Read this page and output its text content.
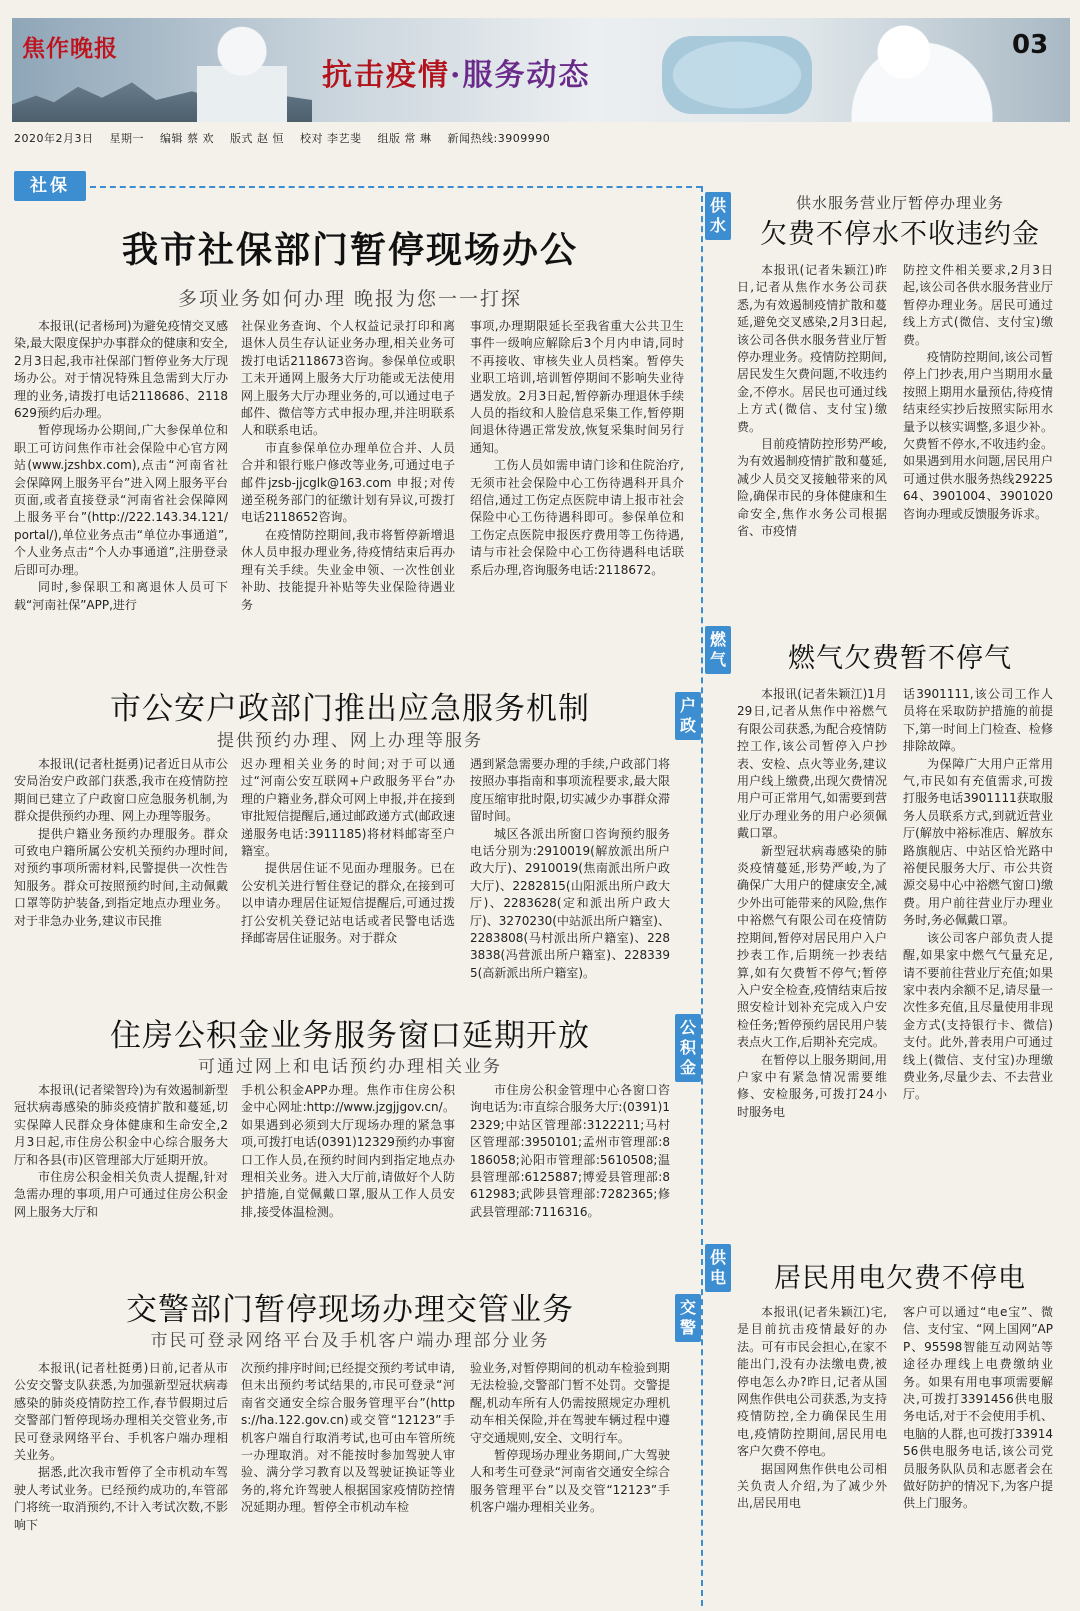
焦作晚报
抗击疫情·服务动态
03
2020年2月3日 星期一 编辑 蔡 欢 版式 赵 恒 校对 李艺斐 组版 常 琳 新闻热线:3909990
社保
我市社保部门暂停现场办公
多项业务如何办理 晚报为您一一打探

本报讯(记者杨珂)为避免疫情交叉感染,最大限度保护办事群众的健康和安全,2月3日起,我市社保部门暂停业务大厅现场办公。对于情况特殊且急需到大厅办理的业务,请拨打电话2118686、2118629预约后办理。

暂停现场办公期间,广大参保单位和职工可访问焦作市社会保险中心官方网站(www.jzshbx.com),点击“河南省社会保障网上服务平台”进入网上服务平台页面,或者直接登录“河南省社会保障网上服务平台”(http://222.143.34.121/portal/),单位业务点击“单位办事通道”,个人业务点击“个人办事通道”,注册登录后即可办理。

同时,参保职工和离退休人员可下载“河南社保”APP,进行

社保业务查询、个人权益记录打印和离退休人员生存认证业务办理,相关业务可拨打电话2118673咨询。参保单位或职工未开通网上服务大厅功能或无法使用网上服务大厅办理业务的,可以通过电子邮件、微信等方式申报办理,并注明联系人和联系电话。

市直参保单位办理单位合并、人员合并和银行账户修改等业务,可通过电子邮件jzsb-jjcglk@163.com 申报;对传递至税务部门的征缴计划有异议,可拨打电话2118652咨询。

在疫情防控期间,我市将暂停新增退休人员申报办理业务,待疫情结束后再办理有关手续。失业金申领、一次性创业补助、技能提升补贴等失业保险待遇业务

事项,办理期限延长至我省重大公共卫生事件一级响应解除后3个月内申请,同时不再接收、审核失业人员档案。暂停失业职工培训,培训暂停期间不影响失业待遇发放。2月3日起,暂停新办理退休手续人员的指纹和人脸信息采集工作,暂停期间退休待遇正常发放,恢复采集时间另行通知。

工伤人员如需申请门诊和住院治疗,无须市社会保险中心工伤待遇科开具介绍信,通过工伤定点医院申请上报市社会保险中心工伤待遇科即可。参保单位和工伤定点医院申报医疗费用等工伤待遇,请与市社会保险中心工伤待遇科电话联系后办理,咨询服务电话:2118672。

户政
市公安户政部门推出应急服务机制
提供预约办理、网上办理等服务

本报讯(记者杜挺勇)记者近日从市公安局治安户政部门获悉,我市在疫情防控期间已建立了户政窗口应急服务机制,为群众提供预约办理、网上办理等服务。

提供户籍业务预约办理服务。群众可致电户籍所属公安机关预约办理时间,对预约事项所需材料,民警提供一次性告知服务。群众可按照预约时间,主动佩戴口罩等防护装备,到指定地点办理业务。对于非急办业务,建议市民推

迟办理相关业务的时间;对于可以通过“河南公安互联网+户政服务平台”办理的户籍业务,群众可网上申报,并在接到审批短信提醒后,通过邮政递方式(邮政速递服务电话:3911185)将材料邮寄至户籍室。

提供居住证不见面办理服务。已在公安机关进行暂住登记的群众,在接到可以申请办理居住证短信提醒后,可通过拨打公安机关登记站电话或者民警电话选择邮寄居住证服务。对于群众

遇到紧急需要办理的手续,户政部门将按照办事指南和事项流程要求,最大限度压缩审批时限,切实减少办事群众滞留时间。

城区各派出所窗口咨询预约服务电话分别为:2910019(解放派出所户政大厅)、2910019(焦南派出所户政大厅)、2282815(山阳派出所户政大厅)、2283628(定和派出所户政大厅)、3270230(中站派出所户籍室)、2283808(马村派出所户籍室)、2283838(冯营派出所户籍室)、2283395(高新派出所户籍室)。

公积金
住房公积金业务服务窗口延期开放
可通过网上和电话预约办理相关业务

本报讯(记者梁智玲)为有效遏制新型冠状病毒感染的肺炎疫情扩散和蔓延,切实保障人民群众身体健康和生命安全,2月3日起,市住房公积金中心综合服务大厅和各县(市)区管理部大厅延期开放。

市住房公积金相关负责人提醒,针对急需办理的事项,用户可通过住房公积金网上服务大厅和

手机公积金APP办理。焦作市住房公积金中心网址:http://www.jzgjjgov.cn/。如果遇到必须到大厅现场办理的紧急事项,可拨打电话(0391)12329预约办事窗口工作人员,在预约时间内到指定地点办理相关业务。进入大厅前,请做好个人防护措施,自觉佩戴口罩,服从工作人员安排,接受体温检测。

市住房公积金管理中心各窗口咨询电话为:市直综合服务大厅:(0391)12329;中站区管理部:3122211;马村区管理部:3950101;孟州市管理部:8186058;沁阳市管理部:5610508;温县管理部:6125887;博爱县管理部:8612983;武陟县管理部:7282365;修武县管理部:7116316。

交警
交警部门暂停现场办理交管业务
市民可登录网络平台及手机客户端办理部分业务

本报讯(记者杜挺勇)日前,记者从市公安交警支队获悉,为加强新型冠状病毒感染的肺炎疫情防控工作,春节假期过后交警部门暂停现场办理相关交管业务,市民可登录网络平台、手机客户端办理相关业务。

据悉,此次我市暂停了全市机动车驾驶人考试业务。已经预约成功的,车管部门将统一取消预约,不计入考试次数,不影响下

次预约排序时间;已经提交预约考试申请,但未出预约考试结果的,市民可登录“河南省交通安全综合服务管理平台”(https://ha.122.gov.cn)或交管“12123”手机客户端自行取消考试,也可由车管所统一办理取消。对不能按时参加驾驶人审验、满分学习教育以及驾驶证换证等业务的,将允许驾驶人根据国家疫情防控情况延期办理。暂停全市机动车检

验业务,对暂停期间的机动车检验到期无法检验,交警部门暂不处罚。交警提醒,机动车所有人仍需按照规定办理机动车相关保险,并在驾驶车辆过程中遵守交通规则,安全、文明行车。

暂停现场办理业务期间,广大驾驶人和考生可登录“河南省交通安全综合服务管理平台”以及交管“12123”手机客户端办理相关业务。

供水
供水服务营业厅暂停办理业务
欠费不停水不收违约金

本报讯(记者朱颖江)昨日,记者从焦作水务公司获悉,为有效遏制疫情扩散和蔓延,避免交叉感染,2月3日起,该公司各供水服务营业厅暂停办理业务。疫情防控期间,居民发生欠费问题,不收违约金,不停水。居民也可通过线上方式(微信、支付宝)缴费。

目前疫情防控形势严峻,为有效遏制疫情扩散和蔓延,减少人员交叉接触带来的风险,确保市民的身体健康和生命安全,焦作水务公司根据省、市疫情

防控文件相关要求,2月3日起,该公司各供水服务营业厅暂停办理业务。居民可通过线上方式(微信、支付宝)缴费。

疫情防控期间,该公司暂停上门抄表,用户当期用水量按照上期用水量预估,待疫情结束经实抄后按照实际用水量予以核实调整,多退少补。欠费暂不停水,不收违约金。如果遇到用水问题,居民用户可通过供水服务热线2922564、3901004、3901020咨询办理或反馈服务诉求。

燃气	燃气欠费暂不停气

本报讯(记者朱颖江)1月29日,记者从焦作中裕燃气有限公司获悉,为配合疫情防控工作,该公司暂停入户抄表、安检、点火等业务,建议用户线上缴费,出现欠费情况用户可正常用气,如需要到营业厅办理业务的用户必须佩戴口罩。

新型冠状病毒感染的肺炎疫情蔓延,形势严峻,为了确保广大用户的健康安全,减少外出可能带来的风险,焦作中裕燃气有限公司在疫情防控期间,暂停对居民用户入户抄表工作,后期统一抄表结算,如有欠费暂不停气;暂停入户安全检查,疫情结束后按照安检计划补充完成入户安检任务;暂停预约居民用户装表点火工作,后期补充完成。

在暂停以上服务期间,用户家中有紧急情况需要维修、安检服务,可拨打24小时服务电

话3901111,该公司工作人员将在采取防护措施的前提下,第一时间上门检查、检修排除故障。

为保障广大用户正常用气,市民如有充值需求,可拨打服务电话3901111获取服务人员联系方式,到就近营业厅(解放中裕标准店、解放东路旗舰店、中站区恰光路中裕便民服务大厅、市公共资源交易中心中裕燃气窗口)缴费。用户前往营业厅办理业务时,务必佩戴口罩。

该公司客户部负责人提醒,如果家中燃气气量充足,请不要前往营业厅充值;如果家中表内余额不足,请尽量一次性多充值,且尽量使用非现金方式(支持银行卡、微信)支付。此外,普表用户可通过线上(微信、支付宝)办理缴费业务,尽量少去、不去营业厅。

供电	居民用电欠费不停电

本报讯(记者朱颖江)宅,是目前抗击疫情最好的办法。可有市民会担心,在家不能出门,没有办法缴电费,被停电怎么办?昨日,记者从国网焦作供电公司获悉,为支持疫情防控,全力确保民生用电,疫情防控期间,居民用电客户欠费不停电。

据国网焦作供电公司相关负责人介绍,为了减少外出,居民用电

客户可以通过“电e宝”、微信、支付宝、“网上国网”APP、95598智能互动网站等途径办理线上电费缴纳业务。如果有用电事项需要解决,可拨打3391456供电服务电话,对于不会使用手机、电脑的人群,也可拨打3391456供电服务电话,该公司党员服务队队员和志愿者会在做好防护的情况下,为客户提供上门服务。
